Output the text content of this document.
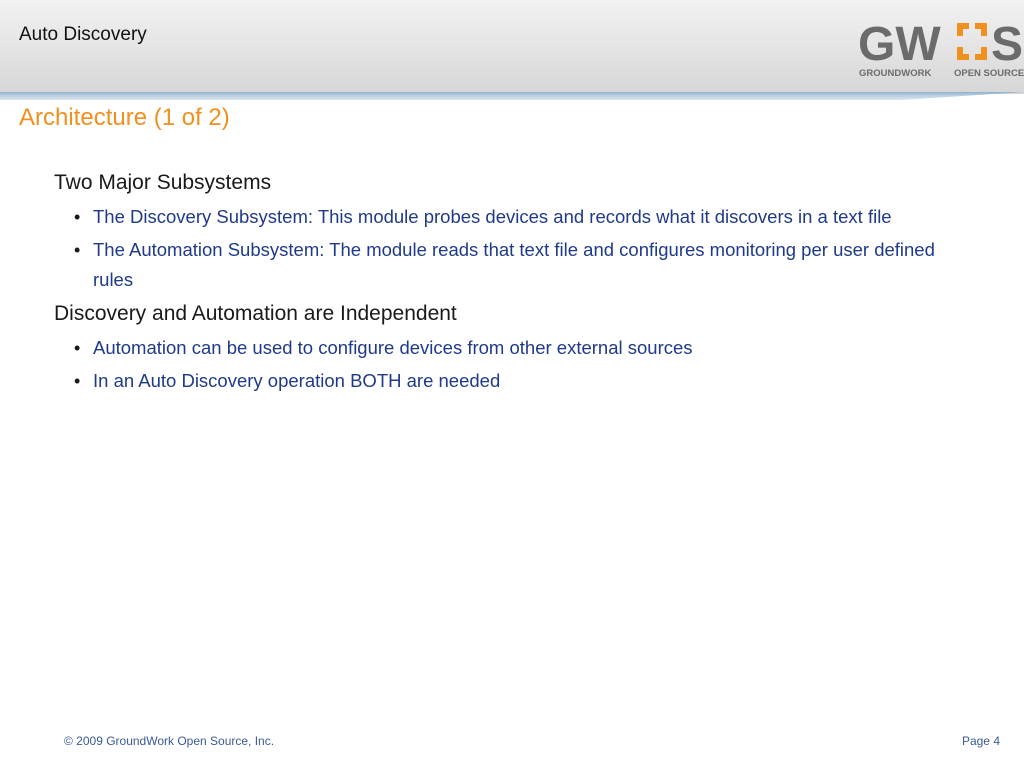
Auto Discovery	GW S
GROUNDWORK OPEN SOURCE
Architecture (1 of 2)
Two Major Subsystems
• The Discovery Subsystem: This module probes devices and records what it discovers in a text file
• The Automation Subsystem: The module reads that text file and configures monitoring per user defined rules
Discovery and Automation are Independent
• Automation can be used to configure devices from other external sources
• In an Auto Discovery operation BOTH are needed
© 2009 GroundWork Open Source, Inc.	Page 4
